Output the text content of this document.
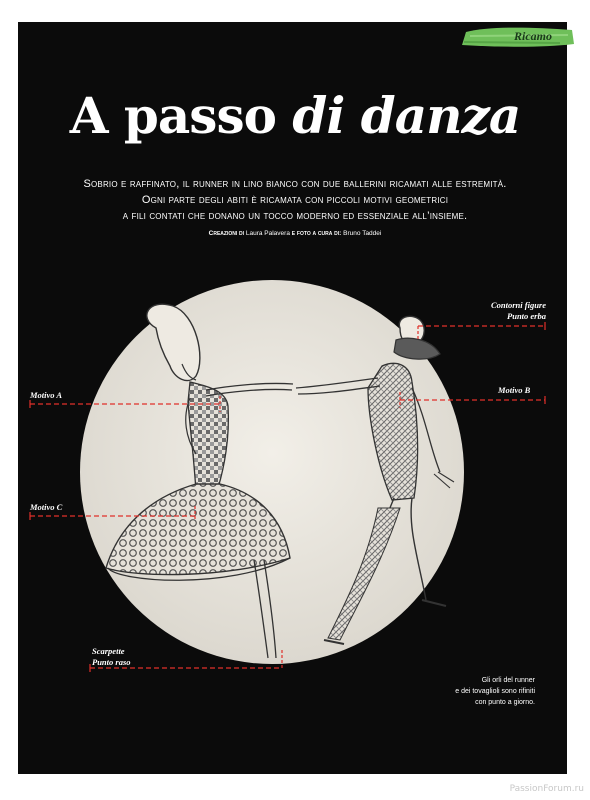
Ricamo
A passo di danza
Sobrio e raffinato, il runner in lino bianco con due ballerini ricamati alle estremità.
Ogni parte degli abiti è ricamata con piccoli motivi geometrici
a fili contati che donano un tocco moderno ed essenziale all’insieme.
Creazioni di Laura Palavera e foto a cura di: Bruno Taddei
Contorni figure
Punto erba
Motivo A	Motivo B
Motivo C
Scarpette
Punto raso
Gli orli del runner
e dei tovaglioli sono rifiniti
con punto a giorno.
PassionForum.ru
